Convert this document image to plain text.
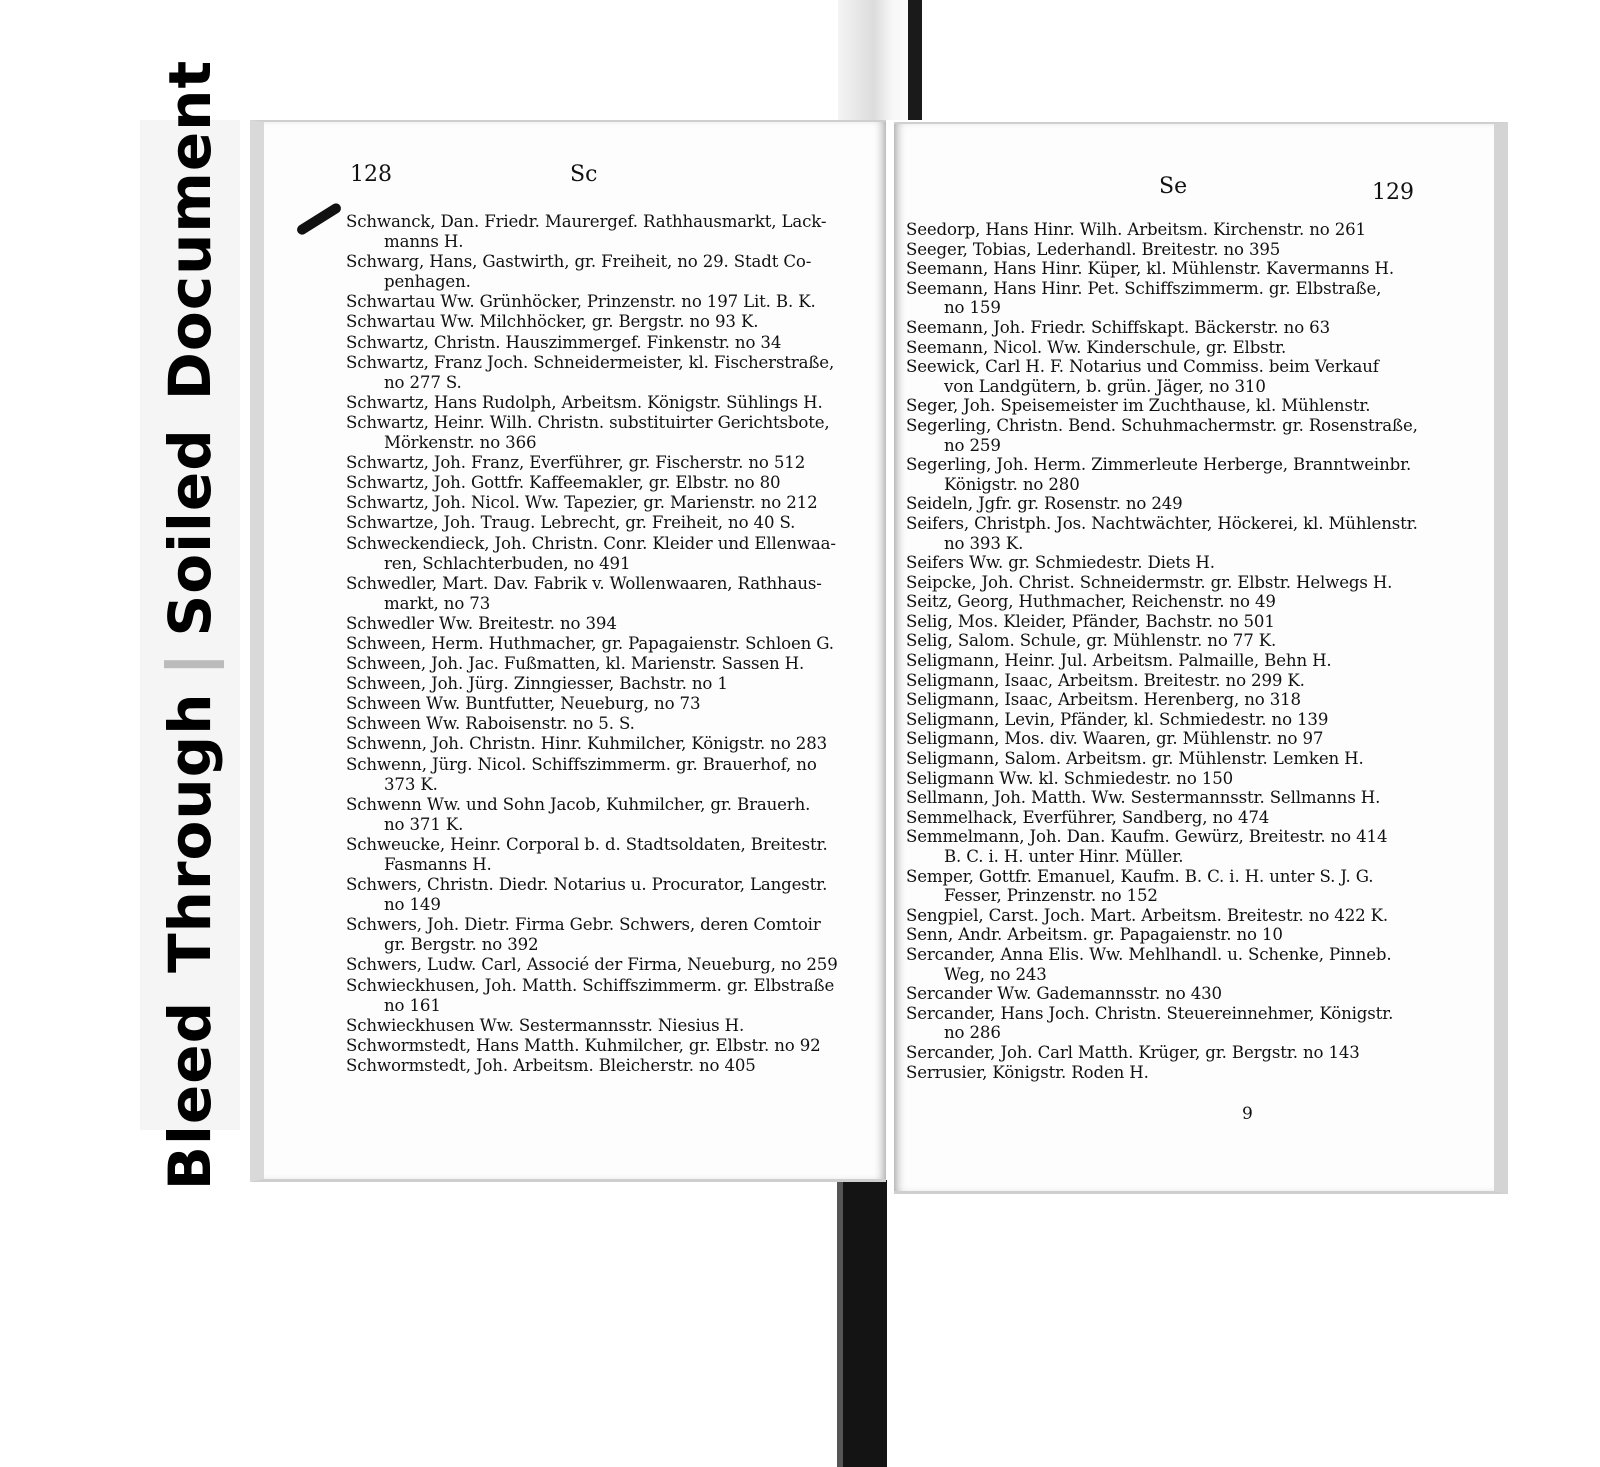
BleedThroughSoiledDocument	128	Sc
Schwanck, Dan. Friedr. Maurergef. Rathhausmarkt, Lack-
manns H.
Schwarg, Hans, Gastwirth, gr. Freiheit, no 29. Stadt Co-
penhagen.
Schwartau Ww. Grünhöcker, Prinzenstr. no 197 Lit. B. K.
Schwartau Ww. Milchhöcker, gr. Bergstr. no 93 K.
Schwartz, Christn. Hauszimmergef. Finkenstr. no 34
Schwartz, Franz Joch. Schneidermeister, kl. Fischerstraße,
no 277 S.
Schwartz, Hans Rudolph, Arbeitsm. Königstr. Sühlings H.
Schwartz, Heinr. Wilh. Christn. substituirter Gerichtsbote,
Mörkenstr. no 366
Schwartz, Joh. Franz, Everführer, gr. Fischerstr. no 512
Schwartz, Joh. Gottfr. Kaffeemakler, gr. Elbstr. no 80
Schwartz, Joh. Nicol. Ww. Tapezier, gr. Marienstr. no 212
Schwartze, Joh. Traug. Lebrecht, gr. Freiheit, no 40 S.
Schweckendieck, Joh. Christn. Conr. Kleider und Ellenwaa-
ren, Schlachterbuden, no 491
Schwedler, Mart. Dav. Fabrik v. Wollenwaaren, Rathhaus-
markt, no 73
Schwedler Ww. Breitestr. no 394
Schween, Herm. Huthmacher, gr. Papagaienstr. Schloen G.
Schween, Joh. Jac. Fußmatten, kl. Marienstr. Sassen H.
Schween, Joh. Jürg. Zinngiesser, Bachstr. no 1
Schween Ww. Buntfutter, Neueburg, no 73
Schween Ww. Raboisenstr. no 5. S.
Schwenn, Joh. Christn. Hinr. Kuhmilcher, Königstr. no 283
Schwenn, Jürg. Nicol. Schiffszimmerm. gr. Brauerhof, no
373 K.
Schwenn Ww. und Sohn Jacob, Kuhmilcher, gr. Brauerh.
no 371 K.
Schweucke, Heinr. Corporal b. d. Stadtsoldaten, Breitestr.
Fasmanns H.
Schwers, Christn. Diedr. Notarius u. Procurator, Langestr.
no 149
Schwers, Joh. Dietr. Firma Gebr. Schwers, deren Comtoir
gr. Bergstr. no 392
Schwers, Ludw. Carl, Associé der Firma, Neueburg, no 259
Schwieckhusen, Joh. Matth. Schiffszimmerm. gr. Elbstraße
no 161
Schwieckhusen Ww. Sestermannsstr. Niesius H.
Schwormstedt, Hans Matth. Kuhmilcher, gr. Elbstr. no 92
Schwormstedt, Joh. Arbeitsm. Bleicherstr. no 405
Se	129
Seedorp, Hans Hinr. Wilh. Arbeitsm. Kirchenstr. no 261
Seeger, Tobias, Lederhandl. Breitestr. no 395
Seemann, Hans Hinr. Küper, kl. Mühlenstr. Kavermanns H.
Seemann, Hans Hinr. Pet. Schiffszimmerm. gr. Elbstraße,
no 159
Seemann, Joh. Friedr. Schiffskapt. Bäckerstr. no 63
Seemann, Nicol. Ww. Kinderschule, gr. Elbstr.
Seewick, Carl H. F. Notarius und Commiss. beim Verkauf
von Landgütern, b. grün. Jäger, no 310
Seger, Joh. Speisemeister im Zuchthause, kl. Mühlenstr.
Segerling, Christn. Bend. Schuhmachermstr. gr. Rosenstraße,
no 259
Segerling, Joh. Herm. Zimmerleute Herberge, Branntweinbr.
Königstr. no 280
Seideln, Jgfr. gr. Rosenstr. no 249
Seifers, Christph. Jos. Nachtwächter, Höckerei, kl. Mühlenstr.
no 393 K.
Seifers Ww. gr. Schmiedestr. Diets H.
Seipcke, Joh. Christ. Schneidermstr. gr. Elbstr. Helwegs H.
Seitz, Georg, Huthmacher, Reichenstr. no 49
Selig, Mos. Kleider, Pfänder, Bachstr. no 501
Selig, Salom. Schule, gr. Mühlenstr. no 77 K.
Seligmann, Heinr. Jul. Arbeitsm. Palmaille, Behn H.
Seligmann, Isaac, Arbeitsm. Breitestr. no 299 K.
Seligmann, Isaac, Arbeitsm. Herenberg, no 318
Seligmann, Levin, Pfänder, kl. Schmiedestr. no 139
Seligmann, Mos. div. Waaren, gr. Mühlenstr. no 97
Seligmann, Salom. Arbeitsm. gr. Mühlenstr. Lemken H.
Seligmann Ww. kl. Schmiedestr. no 150
Sellmann, Joh. Matth. Ww. Sestermannsstr. Sellmanns H.
Semmelhack, Everführer, Sandberg, no 474
Semmelmann, Joh. Dan. Kaufm. Gewürz, Breitestr. no 414
B. C. i. H. unter Hinr. Müller.
Semper, Gottfr. Emanuel, Kaufm. B. C. i. H. unter S. J. G.
Fesser, Prinzenstr. no 152
Sengpiel, Carst. Joch. Mart. Arbeitsm. Breitestr. no 422 K.
Senn, Andr. Arbeitsm. gr. Papagaienstr. no 10
Sercander, Anna Elis. Ww. Mehlhandl. u. Schenke, Pinneb.
Weg, no 243
Sercander Ww. Gademannsstr. no 430
Sercander, Hans Joch. Christn. Steuereinnehmer, Königstr.
no 286
Sercander, Joh. Carl Matth. Krüger, gr. Bergstr. no 143
Serrusier, Königstr. Roden H.
9
